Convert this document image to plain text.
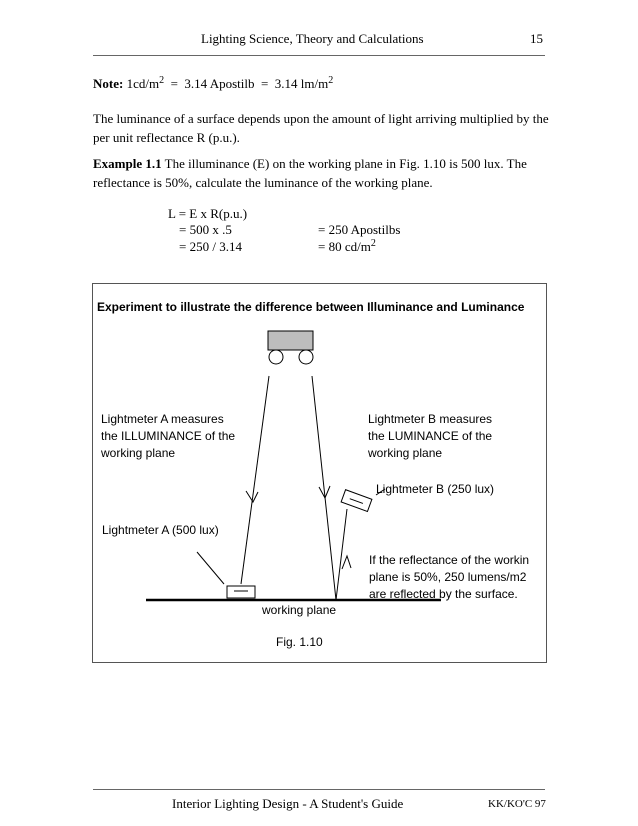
Lighting Science, Theory and Calculations	15
Note: $1cd/m^2 = 3.14$ Apostilb  =  3.14 $lm/m^2$
The luminance of a surface depends upon the amount of light arriving multiplied by the per unit reflectance R (p.u.).
Example 1.1 The illuminance (E) on the working plane in Fig. 1.10 is 500 lux. The reflectance is 50%, calculate the luminance of the working plane.
L = E x R(p.u.)
= 500 x .5
= 250 / 3.14
= 250 Apostilbs
= 80 $cd/m^2$
Experiment to illustrate the difference between Illuminance and Luminance
Lightmeter A measures
the ILLUMINANCE of the
working plane
Lightmeter B measures
the LUMINANCE of the
working plane
Lightmeter B (250 lux)
Lightmeter A (500 lux)
If the reflectance of the workin
plane is 50%, 250 lumens/m2
are reflected by the surface.
working plane
Fig. 1.10
Interior Lighting Design - A Student's Guide	KK/KO'C 97
